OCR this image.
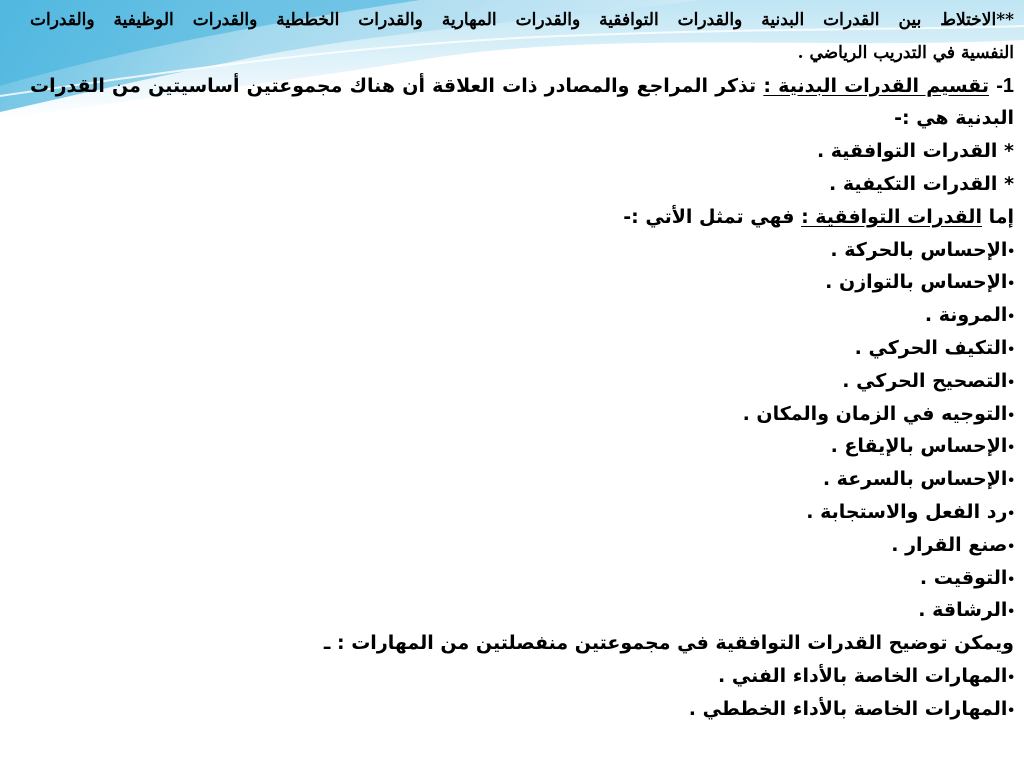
**الاختلاط بين القدرات البدنية والقدرات التوافقية والقدرات المهارية والقدرات الخططية والقدرات الوظيفية والقدرات
النفسية في التدريب الرياضي .
1- تقسيم القدرات البدنية : تذكر المراجع والمصادر ذات العلاقة أن هناك مجموعتين أساسيتين من القدرات
البدنية هي :-
* القدرات التوافقية .
* القدرات التكيفية .
إما القدرات التوافقية : فهي تمثل الأتي :-
•الإحساس بالحركة .
•الإحساس بالتوازن .
•المرونة .
•التكيف الحركي .
•التصحيح الحركي .
•التوجيه في الزمان والمكان .
•الإحساس بالإيقاع .
•الإحساس بالسرعة .
•رد الفعل والاستجابة .
•صنع القرار .
•التوقيت .
•الرشاقة .
ويمكن توضيح القدرات التوافقية في مجموعتين منفصلتين من المهارات : ـ
•المهارات الخاصة بالأداء الفني .
•المهارات الخاصة بالأداء الخططي .
